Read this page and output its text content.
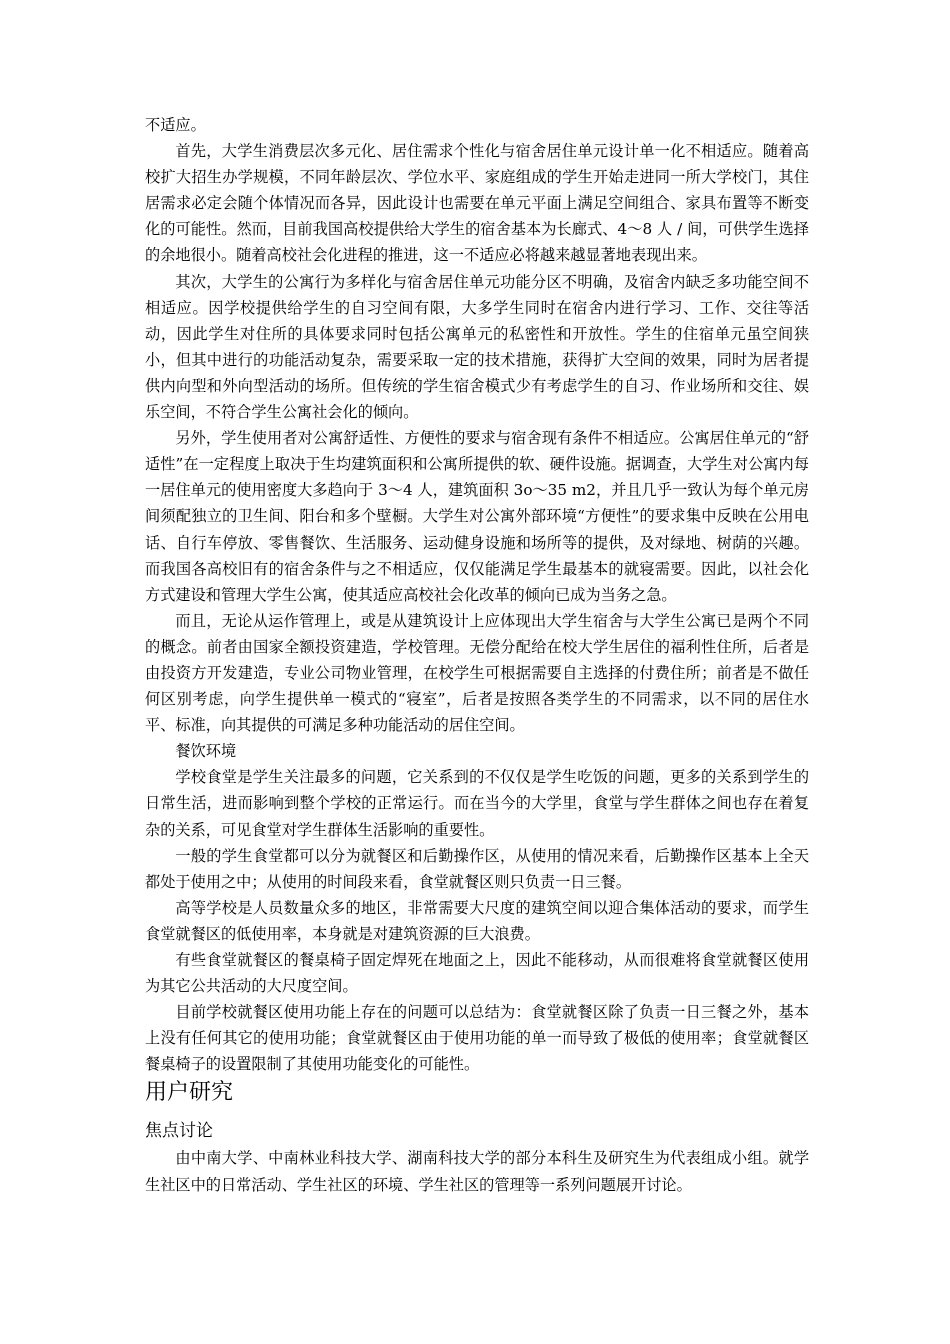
不适应。

首先，大学生消费层次多元化、居住需求个性化与宿舍居住单元设计单一化不相适应。随着高校扩大招生办学规模，不同年龄层次、学位水平、家庭组成的学生开始走进同一所大学校门，其住居需求必定会随个体情况而各异，因此设计也需要在单元平面上满足空间组合、家具布置等不断变化的可能性。然而，目前我国高校提供给大学生的宿舍基本为长廊式、4～8 人 / 间，可供学生选择的余地很小。随着高校社会化进程的推进，这一不适应必将越来越显著地表现出来。

其次，大学生的公寓行为多样化与宿舍居住单元功能分区不明确，及宿舍内缺乏多功能空间不相适应。因学校提供给学生的自习空间有限，大多学生同时在宿舍内进行学习、工作、交往等活动，因此学生对住所的具体要求同时包括公寓单元的私密性和开放性。学生的住宿单元虽空间狭小，但其中进行的功能活动复杂，需要采取一定的技术措施，获得扩大空间的效果，同时为居者提供内向型和外向型活动的场所。但传统的学生宿舍模式少有考虑学生的自习、作业场所和交往、娱乐空间，不符合学生公寓社会化的倾向。

另外，学生使用者对公寓舒适性、方便性的要求与宿舍现有条件不相适应。公寓居住单元的“舒适性”在一定程度上取决于生均建筑面积和公寓所提供的软、硬件设施。据调查，大学生对公寓内每一居住单元的使用密度大多趋向于 3～4 人，建筑面积 3o～35 m2，并且几乎一致认为每个单元房间须配独立的卫生间、阳台和多个壁橱。大学生对公寓外部环境“方便性”的要求集中反映在公用电话、自行车停放、零售餐饮、生活服务、运动健身设施和场所等的提供，及对绿地、树荫的兴趣。而我国各高校旧有的宿舍条件与之不相适应，仅仅能满足学生最基本的就寝需要。因此，以社会化方式建设和管理大学生公寓，使其适应高校社会化改革的倾向已成为当务之急。

而且，无论从运作管理上，或是从建筑设计上应体现出大学生宿舍与大学生公寓已是两个不同的概念。前者由国家全额投资建造，学校管理。无偿分配给在校大学生居住的福利性住所，后者是由投资方开发建造，专业公司物业管理，在校学生可根据需要自主选择的付费住所；前者是不做任何区别考虑，向学生提供单一模式的“寝室”，后者是按照各类学生的不同需求，以不同的居住水平、标准，向其提供的可满足多种功能活动的居住空间。

餐饮环境

学校食堂是学生关注最多的问题，它关系到的不仅仅是学生吃饭的问题，更多的关系到学生的日常生活，进而影响到整个学校的正常运行。而在当今的大学里，食堂与学生群体之间也存在着复杂的关系，可见食堂对学生群体生活影响的重要性。

一般的学生食堂都可以分为就餐区和后勤操作区，从使用的情况来看，后勤操作区基本上全天都处于使用之中；从使用的时间段来看，食堂就餐区则只负责一日三餐。

高等学校是人员数量众多的地区，非常需要大尺度的建筑空间以迎合集体活动的要求，而学生食堂就餐区的低使用率，本身就是对建筑资源的巨大浪费。

有些食堂就餐区的餐桌椅子固定焊死在地面之上，因此不能移动，从而很难将食堂就餐区使用为其它公共活动的大尺度空间。

目前学校就餐区使用功能上存在的问题可以总结为：食堂就餐区除了负责一日三餐之外，基本上没有任何其它的使用功能；食堂就餐区由于使用功能的单一而导致了极低的使用率；食堂就餐区餐桌椅子的设置限制了其使用功能变化的可能性。

用户研究
焦点讨论

由中南大学、中南林业科技大学、湖南科技大学的部分本科生及研究生为代表组成小组。就学生社区中的日常活动、学生社区的环境、学生社区的管理等一系列问题展开讨论。
